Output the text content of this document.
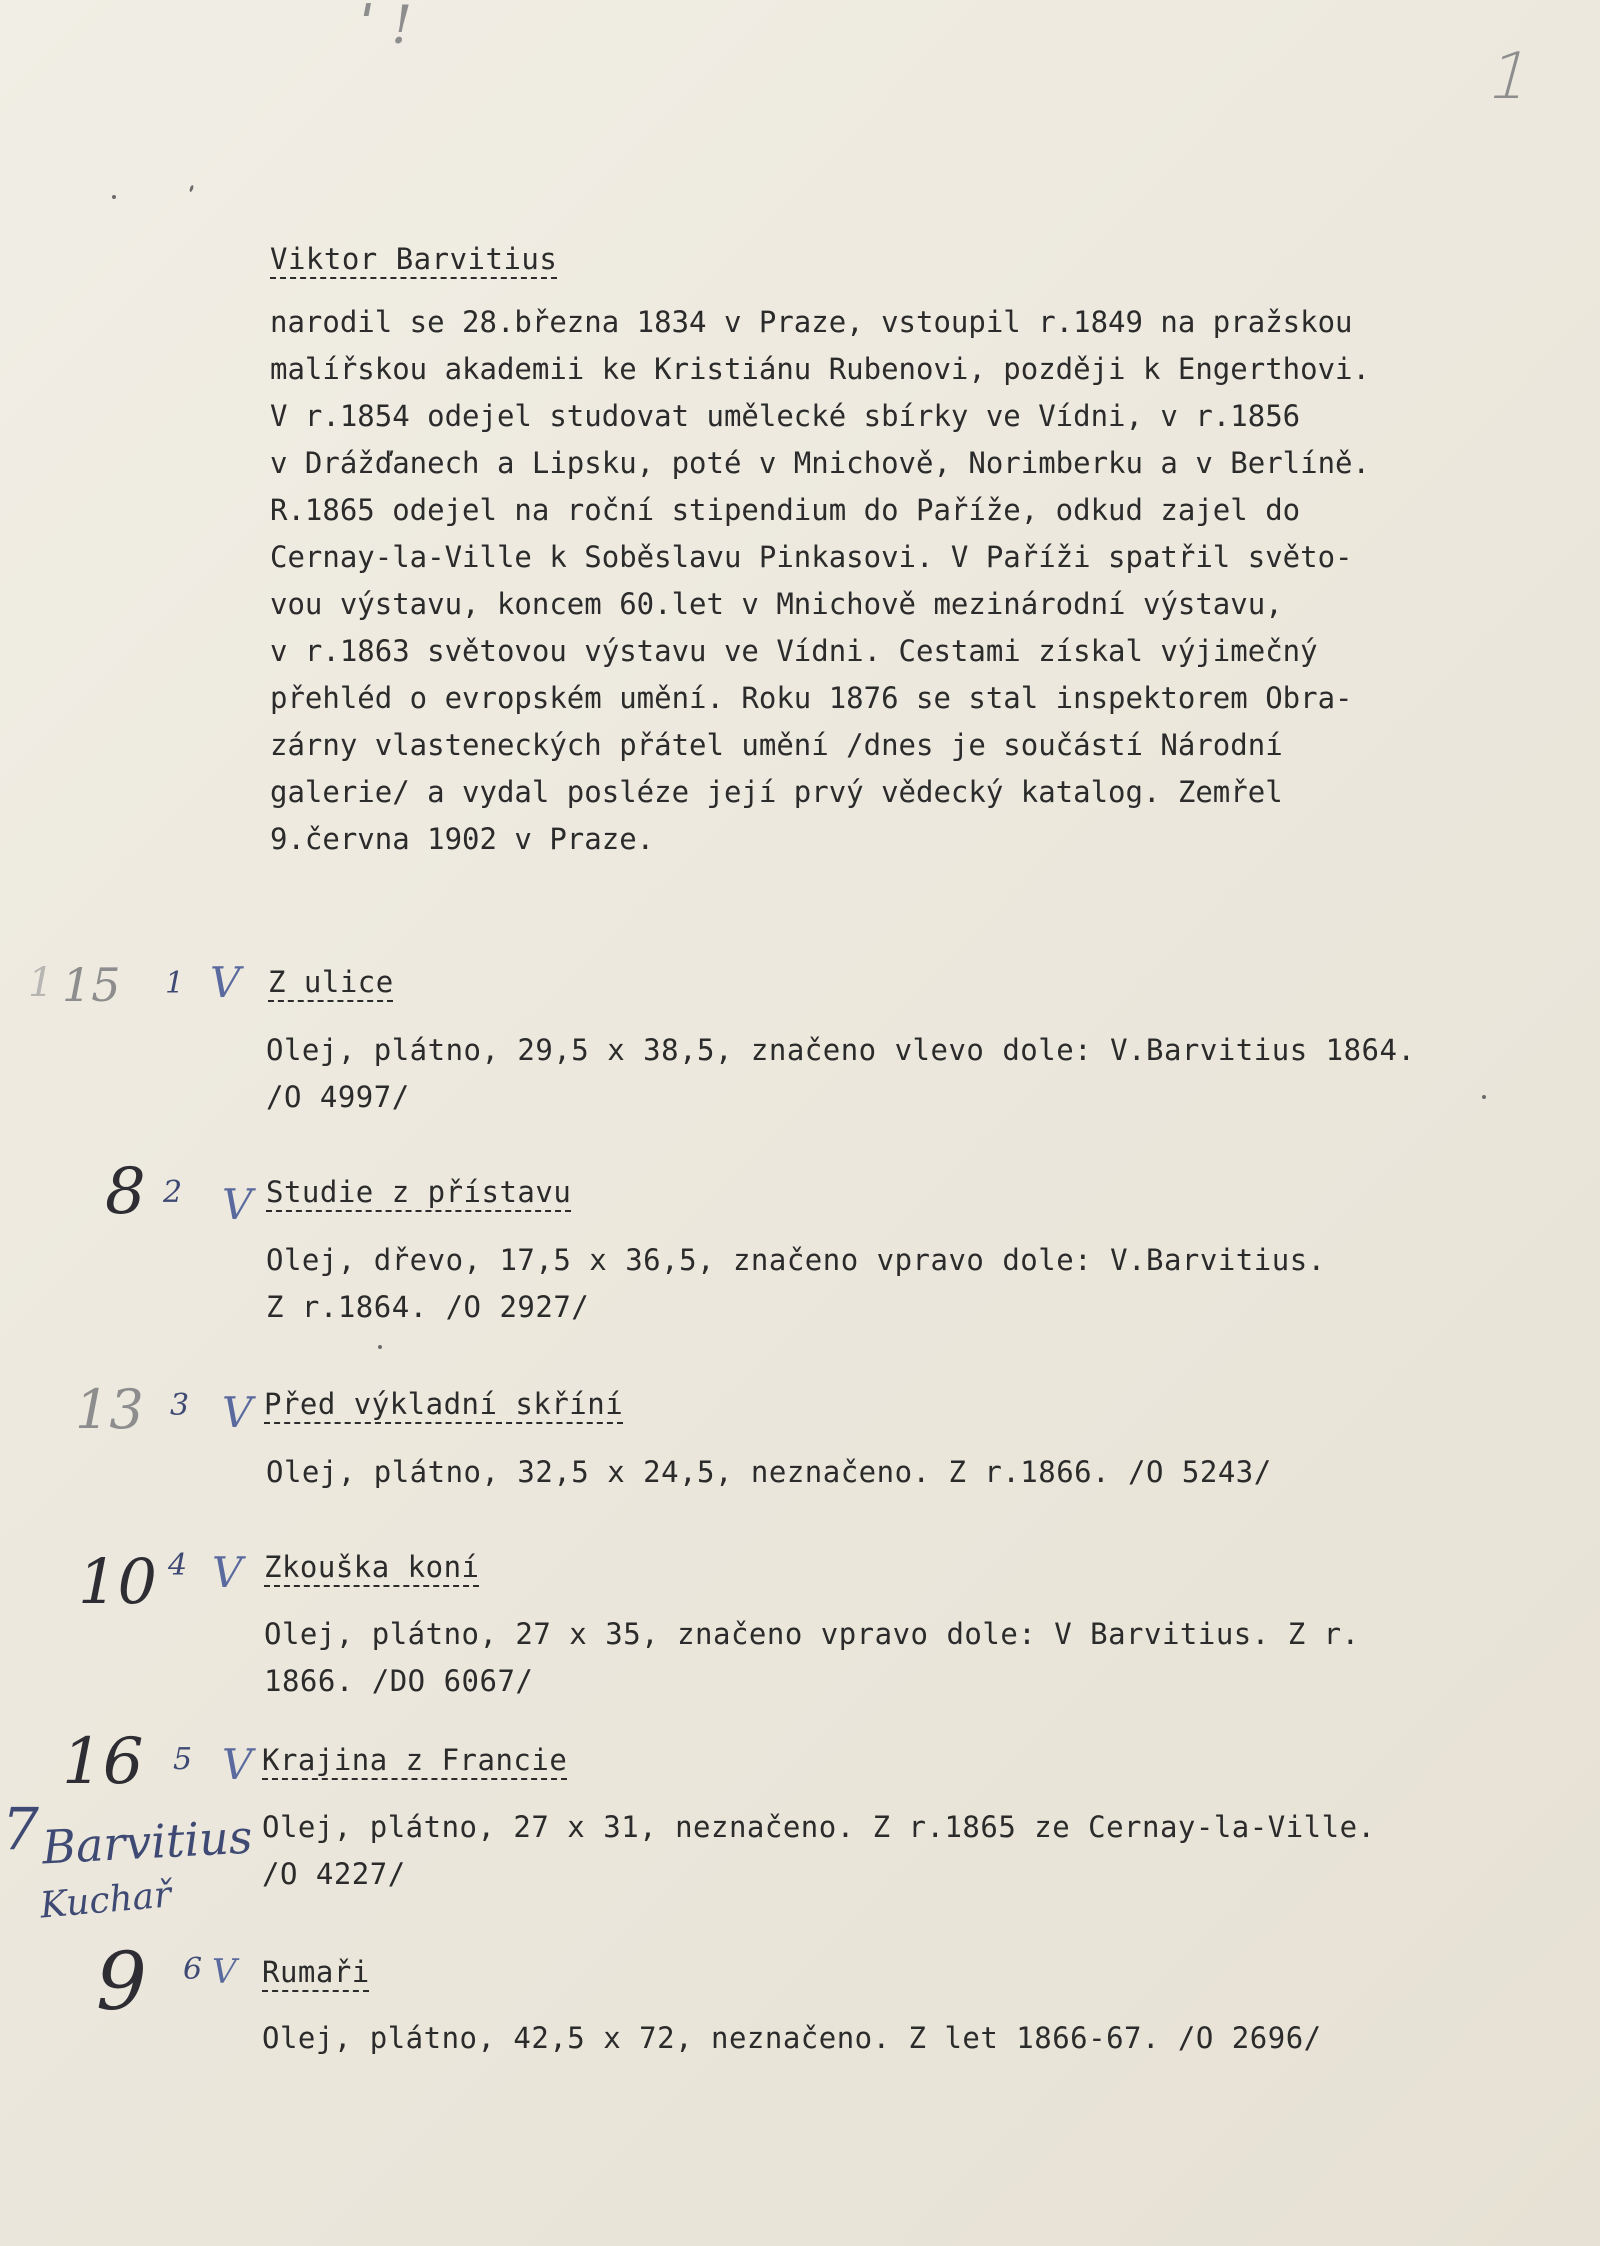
ˈ !
1
Viktor Barvitius
narodil se 28.března 1834 v Praze, vstoupil r.1849 na pražskou
malířskou akademii ke Kristiánu Rubenovi, později k Engerthovi.
V r.1854 odejel studovat umělecké sbírky ve Vídni, v r.1856
v Drážďanech a Lipsku, poté v Mnichově, Norimberku a v Berlíně.
R.1865 odejel na roční stipendium do Paříže, odkud zajel do
Cernay-la-Ville k Soběslavu Pinkasovi. V Paříži spatřil světo-
vou výstavu, koncem 60.let v Mnichově mezinárodní výstavu,
v r.1863 světovou výstavu ve Vídni. Cestami získal výjimečný
přehléd o evropském umění. Roku 1876 se stal inspektorem Obra-
zárny vlasteneckých přátel umění /dnes je součástí Národní
galerie/ a vydal posléze její prvý vědecký katalog. Zemřel
9.června 1902 v Praze.
1 15 1 V Z ulice
Olej, plátno, 29,5 x 38,5, značeno vlevo dole: V.Barvitius 1864.
/O 4997/
8 2 V Studie z přístavu
Olej, dřevo, 17,5 x 36,5, značeno vpravo dole: V.Barvitius.
Z r.1864. /O 2927/
13 3 V Před výkladní skříní
Olej, plátno, 32,5 x 24,5, neznačeno. Z r.1866. /O 5243/
10 4 V Zkouška koní
Olej, plátno, 27 x 35, značeno vpravo dole: V Barvitius. Z r.
1866. /DO 6067/
16 5 V Krajina z Francie
Olej, plátno, 27 x 31, neznačeno. Z r.1865 ze Cernay-la-Ville.
/O 4227/
7 Barvitius
Kuchař
9 6 V Rumaři
Olej, plátno, 42,5 x 72, neznačeno. Z let 1866-67. /O 2696/
